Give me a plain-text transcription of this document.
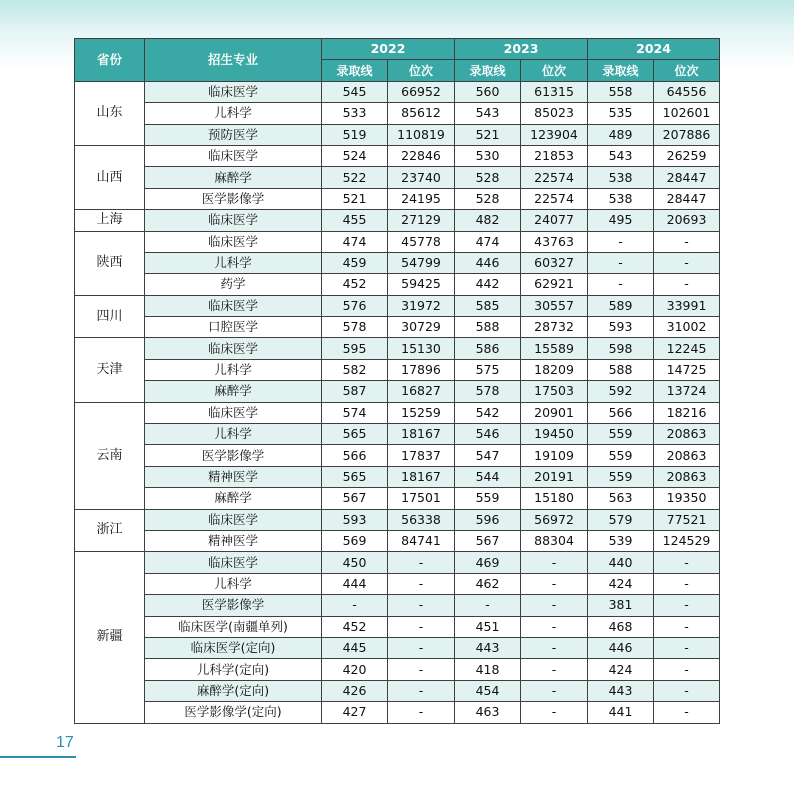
省份	招生专业	2022		2023		2024	
		录取线	位次	录取线	位次	录取线	位次
山东	临床医学	545	66952	560	61315	558	64556
	儿科学	533	85612	543	85023	535	102601
	预防医学	519	110819	521	123904	489	207886
山西	临床医学	524	22846	530	21853	543	26259
	麻醉学	522	23740	528	22574	538	28447
	医学影像学	521	24195	528	22574	538	28447
上海	临床医学	455	27129	482	24077	495	20693
陕西	临床医学	474	45778	474	43763	-	-
	儿科学	459	54799	446	60327	-	-
	药学	452	59425	442	62921	-	-
四川	临床医学	576	31972	585	30557	589	33991
	口腔医学	578	30729	588	28732	593	31002
天津	临床医学	595	15130	586	15589	598	12245
	儿科学	582	17896	575	18209	588	14725
	麻醉学	587	16827	578	17503	592	13724
云南	临床医学	574	15259	542	20901	566	18216
	儿科学	565	18167	546	19450	559	20863
	医学影像学	566	17837	547	19109	559	20863
	精神医学	565	18167	544	20191	559	20863
	麻醉学	567	17501	559	15180	563	19350
浙江	临床医学	593	56338	596	56972	579	77521
	精神医学	569	84741	567	88304	539	124529
新疆	临床医学	450	-	469	-	440	-
	儿科学	444	-	462	-	424	-
	医学影像学	-	-	-	-	381	-
	临床医学(南疆单列)	452	-	451	-	468	-
	临床医学(定向)	445	-	443	-	446	-
	儿科学(定向)	420	-	418	-	424	-
	麻醉学(定向)	426	-	454	-	443	-
	医学影像学(定向)	427	-	463	-	441	-
17
